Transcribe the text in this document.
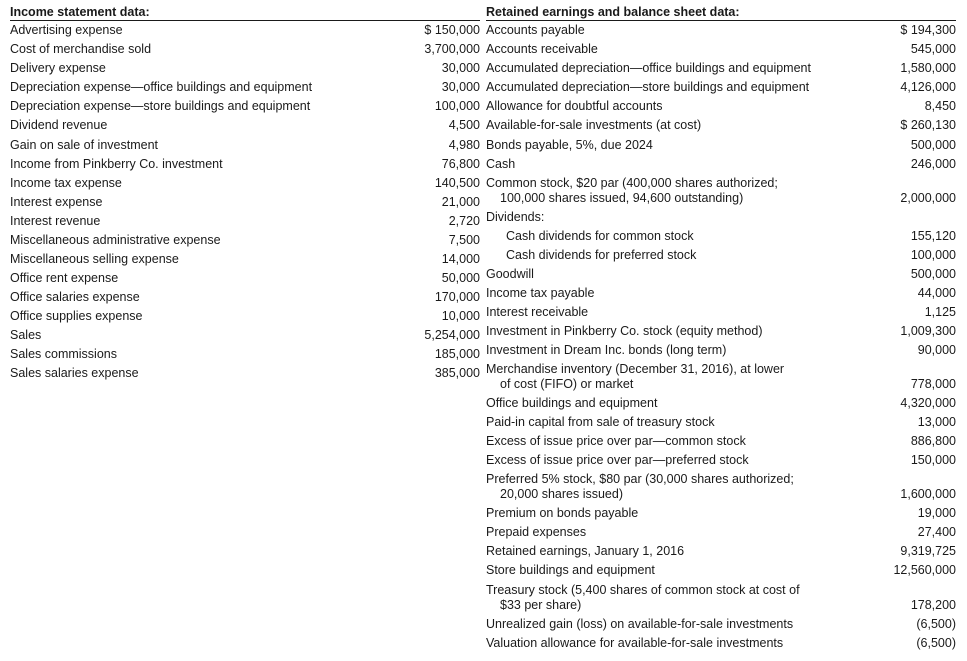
Income statement data:
Advertising expense	$ 150,000
Cost of merchandise sold	3,700,000
Delivery expense	30,000
Depreciation expense—office buildings and equipment	30,000
Depreciation expense—store buildings and equipment	100,000
Dividend revenue	4,500
Gain on sale of investment	4,980
Income from Pinkberry Co. investment	76,800
Income tax expense	140,500
Interest expense	21,000
Interest revenue	2,720
Miscellaneous administrative expense	7,500
Miscellaneous selling expense	14,000
Office rent expense	50,000
Office salaries expense	170,000
Office supplies expense	10,000
Sales	5,254,000
Sales commissions	185,000
Sales salaries expense	385,000
Retained earnings and balance sheet data:
Accounts payable	$ 194,300
Accounts receivable	545,000
Accumulated depreciation—office buildings and equipment	1,580,000
Accumulated depreciation—store buildings and equipment	4,126,000
Allowance for doubtful accounts	8,450
Available-for-sale investments (at cost)	$ 260,130
Bonds payable, 5%, due 2024	500,000
Cash	246,000
Common stock, $20 par (400,000 shares authorized;
100,000 shares issued, 94,600 outstanding)	2,000,000
Dividends:
Cash dividends for common stock	155,120
Cash dividends for preferred stock	100,000
Goodwill	500,000
Income tax payable	44,000
Interest receivable	1,125
Investment in Pinkberry Co. stock (equity method)	1,009,300
Investment in Dream Inc. bonds (long term)	90,000
Merchandise inventory (December 31, 2016), at lower
of cost (FIFO) or market	778,000
Office buildings and equipment	4,320,000
Paid-in capital from sale of treasury stock	13,000
Excess of issue price over par—common stock	886,800
Excess of issue price over par—preferred stock	150,000
Preferred 5% stock, $80 par (30,000 shares authorized;
20,000 shares issued)	1,600,000
Premium on bonds payable	19,000
Prepaid expenses	27,400
Retained earnings, January 1, 2016	9,319,725
Store buildings and equipment	12,560,000
Treasury stock (5,400 shares of common stock at cost of
$33 per share)	178,200
Unrealized gain (loss) on available-for-sale investments	(6,500)
Valuation allowance for available-for-sale investments	(6,500)
